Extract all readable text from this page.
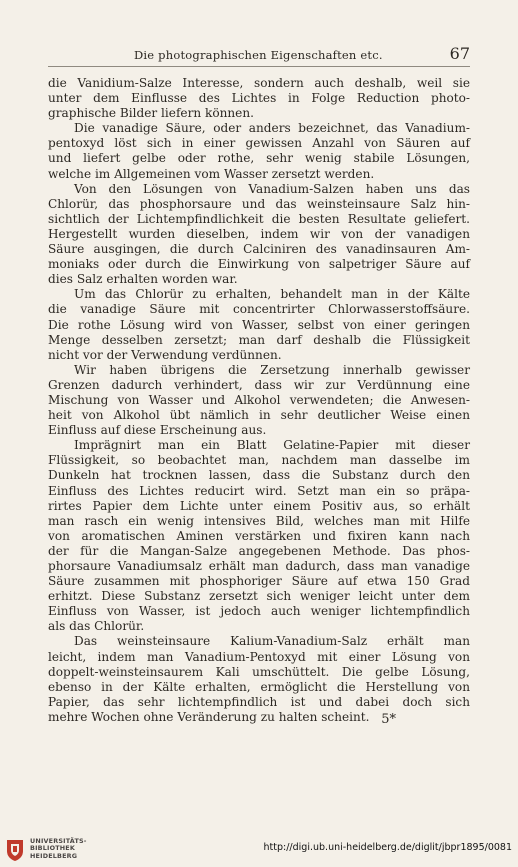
Die photographischen Eigenschaften etc.	67

die Vanidium-Salze Interesse, sondern auch deshalb, weil sie
unter dem Einflusse des Lichtes in Folge Reduction photo-
graphische Bilder liefern können.

Die vanadige Säure, oder anders bezeichnet, das Vanadium-
pentoxyd löst sich in einer gewissen Anzahl von Säuren auf
und liefert gelbe oder rothe, sehr wenig stabile Lösungen,
welche im Allgemeinen vom Wasser zersetzt werden.

Von den Lösungen von Vanadium-Salzen haben uns das
Chlorür, das phosphorsaure und das weinsteinsaure Salz hin-
sichtlich der Lichtempfindlichkeit die besten Resultate geliefert.
Hergestellt wurden dieselben, indem wir von der vanadigen
Säure ausgingen, die durch Calciniren des vanadinsauren Am-
moniaks oder durch die Einwirkung von salpetriger Säure auf
dies Salz erhalten worden war.

Um das Chlorür zu erhalten, behandelt man in der Kälte
die vanadige Säure mit concentrirter Chlorwasserstoffsäure.
Die rothe Lösung wird von Wasser, selbst von einer geringen
Menge desselben zersetzt; man darf deshalb die Flüssigkeit
nicht vor der Verwendung verdünnen.

Wir haben übrigens die Zersetzung innerhalb gewisser
Grenzen dadurch verhindert, dass wir zur Verdünnung eine
Mischung von Wasser und Alkohol verwendeten; die Anwesen-
heit von Alkohol übt nämlich in sehr deutlicher Weise einen
Einfluss auf diese Erscheinung aus.

Imprägnirt man ein Blatt Gelatine-Papier mit dieser
Flüssigkeit, so beobachtet man, nachdem man dasselbe im
Dunkeln hat trocknen lassen, dass die Substanz durch den
Einfluss des Lichtes reducirt wird. Setzt man ein so präpa-
rirtes Papier dem Lichte unter einem Positiv aus, so erhält
man rasch ein wenig intensives Bild, welches man mit Hilfe
von aromatischen Aminen verstärken und fixiren kann nach
der für die Mangan-Salze angegebenen Methode. Das phos-
phorsaure Vanadiumsalz erhält man dadurch, dass man vanadige
Säure zusammen mit phosphoriger Säure auf etwa 150 Grad
erhitzt. Diese Substanz zersetzt sich weniger leicht unter dem
Einfluss von Wasser, ist jedoch auch weniger lichtempfindlich
als das Chlorür.

Das weinsteinsaure Kalium-Vanadium-Salz erhält man
leicht, indem man Vanadium-Pentoxyd mit einer Lösung von
doppelt-weinsteinsaurem Kali umschüttelt. Die gelbe Lösung,
ebenso in der Kälte erhalten, ermöglicht die Herstellung von
Papier, das sehr lichtempfindlich ist und dabei doch sich
mehre Wochen ohne Veränderung zu halten scheint. 5*
UNIVERSITÄTS-
BIBLIOTHEK
HEIDELBERG
http://digi.ub.uni-heidelberg.de/diglit/jbpr1895/0081
